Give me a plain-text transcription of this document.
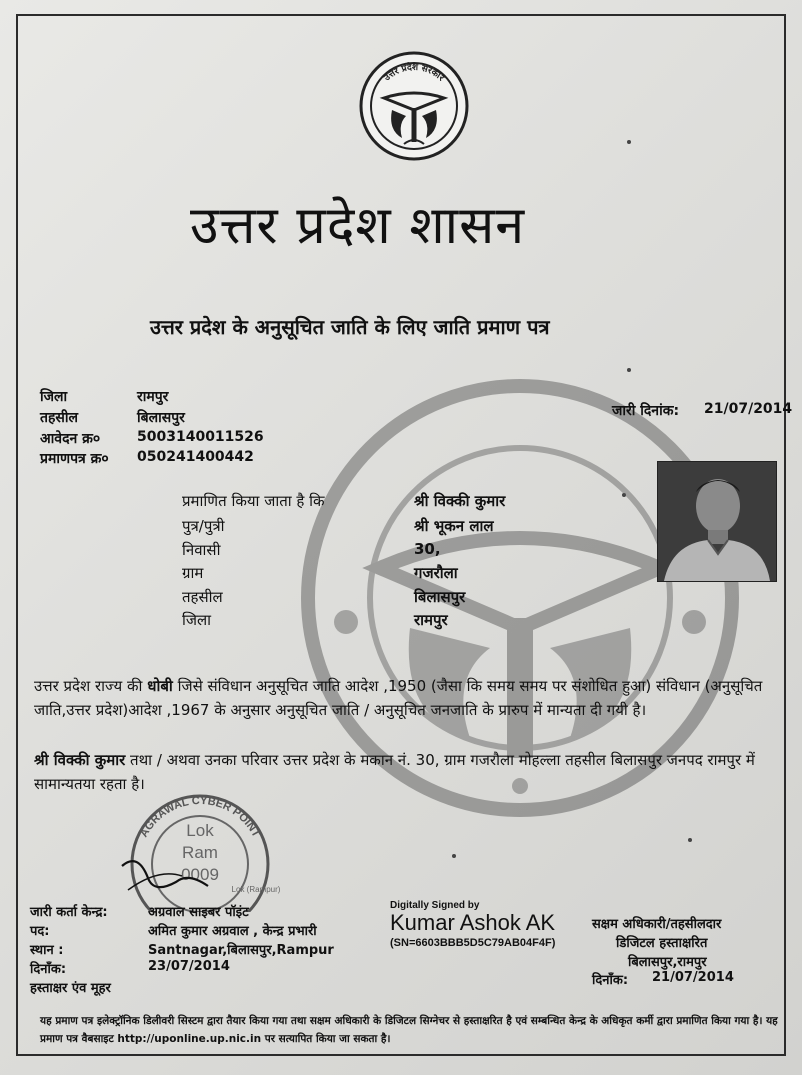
उत्तर प्रदेश सरकार
उत्तर प्रदेश शासन
उत्तर प्रदेश के अनुसूचित जाति के लिए जाति प्रमाण पत्र
जिला	रामपुर
तहसील	बिलासपुर
आवेदन क्र०	5003140011526
प्रमाणपत्र क्र० 050241400442
जारी दिनांक: 21/07/2014
प्रमाणित किया जाता है कि	श्री विक्की कुमार
पुत्र/पुत्री	श्री भूकन लाल
निवासी	30,
ग्राम	गजरौला
तहसील	बिलासपुर
जिला	रामपुर
उत्तर प्रदेश राज्य की धोबी जिसे संविधान अनुसूचित जाति आदेश ,1950 (जैसा कि समय समय पर संशोधित हुआ) संविधान (अनुसूचित जाति,उत्तर प्रदेश)आदेश ,1967 के अनुसार अनुसूचित जाति / अनुसूचित जनजाति के प्रारुप में मान्यता दी गयी है।
श्री विक्की कुमार तथा / अथवा उनका परिवार उत्तर प्रदेश के मकान नं. 30, ग्राम गजरौला मोहल्ला तहसील बिलासपुर जनपद रामपुर में सामान्यतया रहता है।
AGRAWAL CYBER POINT
Lok
Ram
0009
Lok (Rampur)
जारी कर्ता केन्द्र:	अग्रवाल साइबर पॉइंट
पद:	अमित कुमार अग्रवाल , केन्द्र प्रभारी
स्थान :	Santnagar,बिलासपुर,Rampur
दिनाँक:	23/07/2014
हस्ताक्षर एंव मूहर
Digitally Signed by
Kumar Ashok AK
(SN=6603BBB5D5C79AB04F4F)
सक्षम अधिकारी/तहसीलदार
डिजिटल हस्ताक्षरित
बिलासपुर,रामपुर
दिनाँक: 21/07/2014
यह प्रमाण पत्र इलेक्ट्रॉनिक डिलीवरी सिस्टम द्वारा तैयार किया गया तथा सक्षम अधिकारी के डिजिटल सिग्नेचर से हस्ताक्षरित है एवं सम्बन्धित केन्द्र के अधिकृत कर्मी द्वारा प्रमाणित किया गया है। यह प्रमाण पत्र वैबसाइट http://uponline.up.nic.in पर सत्यापित किया जा सकता है।
